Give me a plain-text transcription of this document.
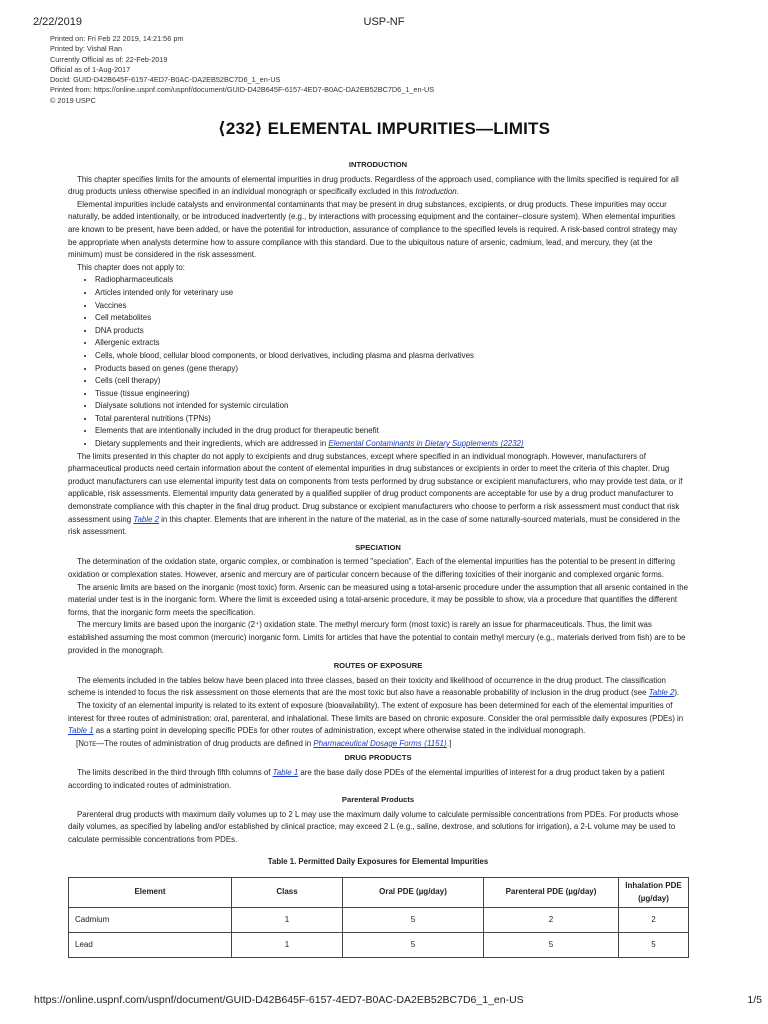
2/22/2019	USP-NF
Printed on: Fri Feb 22 2019, 14:21:56 pm
Printed by: Vishal Ran
Currently Official as of: 22-Feb-2019
Official as of 1-Aug-2017
DocId: GUID-D42B645F-6157-4ED7-B0AC-DA2EB52BC7D6_1_en-US
Printed from: https://online.uspnf.com/uspnf/document/GUID-D42B645F-6157-4ED7-B0AC-DA2EB52BC7D6_1_en-US
© 2019 USPC
⟨232⟩ ELEMENTAL IMPURITIES—LIMITS
INTRODUCTION

This chapter specifies limits for the amounts of elemental impurities in drug products. Regardless of the approach used, compliance with the limits specified is required for all drug products unless otherwise specified in an individual monograph or specifically excluded in this Introduction.

Elemental impurities include catalysts and environmental contaminants that may be present in drug substances, excipients, or drug products. These impurities may occur naturally, be added intentionally, or be introduced inadvertently (e.g., by interactions with processing equipment and the container–closure system). When elemental impurities are known to be present, have been added, or have the potential for introduction, assurance of compliance to the specified levels is required. A risk-based control strategy may be appropriate when analysts determine how to assure compliance with this standard. Due to the ubiquitous nature of arsenic, cadmium, lead, and mercury, they (at the minimum) must be considered in the risk assessment.

This chapter does not apply to:

• Radiopharmaceuticals
• Articles intended only for veterinary use
• Vaccines
• Cell metabolites
• DNA products
• Allergenic extracts
• Cells, whole blood, cellular blood components, or blood derivatives, including plasma and plasma derivatives
• Products based on genes (gene therapy)
• Cells (cell therapy)
• Tissue (tissue engineering)
• Dialysate solutions not intended for systemic circulation
• Total parenteral nutritions (TPNs)
• Elements that are intentionally included in the drug product for therapeutic benefit
• Dietary supplements and their ingredients, which are addressed in Elemental Contaminants in Dietary Supplements ⟨2232⟩

The limits presented in this chapter do not apply to excipients and drug substances, except where specified in an individual monograph. However, manufacturers of pharmaceutical products need certain information about the content of elemental impurities in drug substances or excipients in order to meet the criteria of this chapter. Drug product manufacturers can use elemental impurity test data on components from tests performed by drug substance or excipient manufacturers, who may provide test data, or if applicable, risk assessments. Elemental impurity data generated by a qualified supplier of drug product components are acceptable for use by a drug product manufacturer to demonstrate compliance with this chapter in the final drug product. Drug substance or excipient manufacturers who choose to perform a risk assessment must conduct that risk assessment using Table 2 in this chapter. Elements that are inherent in the nature of the material, as in the case of some naturally-sourced materials, must be considered in the risk assessment.

SPECIATION

The determination of the oxidation state, organic complex, or combination is termed "speciation". Each of the elemental impurities has the potential to be present in differing oxidation or complexation states. However, arsenic and mercury are of particular concern because of the differing toxicities of their inorganic and complexed organic forms.

The arsenic limits are based on the inorganic (most toxic) form. Arsenic can be measured using a total-arsenic procedure under the assumption that all arsenic contained in the material under test is in the inorganic form. Where the limit is exceeded using a total-arsenic procedure, it may be possible to show, via a procedure that quantifies the different forms, that the inorganic form meets the specification.

The mercury limits are based upon the inorganic (2⁺) oxidation state. The methyl mercury form (most toxic) is rarely an issue for pharmaceuticals. Thus, the limit was established assuming the most common (mercuric) inorganic form. Limits for articles that have the potential to contain methyl mercury (e.g., materials derived from fish) are to be provided in the monograph.

ROUTES OF EXPOSURE

The elements included in the tables below have been placed into three classes, based on their toxicity and likelihood of occurrence in the drug product. The classification scheme is intended to focus the risk assessment on those elements that are the most toxic but also have a reasonable probability of inclusion in the drug product (see Table 2).

The toxicity of an elemental impurity is related to its extent of exposure (bioavailability). The extent of exposure has been determined for each of the elemental impurities of interest for three routes of administration: oral, parenteral, and inhalational. These limits are based on chronic exposure. Consider the oral permissible daily exposures (PDEs) in Table 1 as a starting point in developing specific PDEs for other routes of administration, except where otherwise stated in the individual monograph.

[Note—The routes of administration of drug products are defined in Pharmaceutical Dosage Forms ⟨1151⟩.]

DRUG PRODUCTS

The limits described in the third through fifth columns of Table 1 are the base daily dose PDEs of the elemental impurities of interest for a drug product taken by a patient according to indicated routes of administration.

Parenteral Products

Parenteral drug products with maximum daily volumes up to 2 L may use the maximum daily volume to calculate permissible concentrations from PDEs. For products whose daily volumes, as specified by labeling and/or established by clinical practice, may exceed 2 L (e.g., saline, dextrose, and solutions for irrigation), a 2-L volume may be used to calculate permissible concentrations from PDEs.

Table 1. Permitted Daily Exposures for Elemental Impurities
Element	Class	Oral PDE (µg/day)	Parenteral PDE (µg/day)	Inhalation PDE (µg/day)
Cadmium	1	5	2	2
Lead	1	5	5	5
https://online.uspnf.com/uspnf/document/GUID-D42B645F-6157-4ED7-B0AC-DA2EB52BC7D6_1_en-US	1/5
